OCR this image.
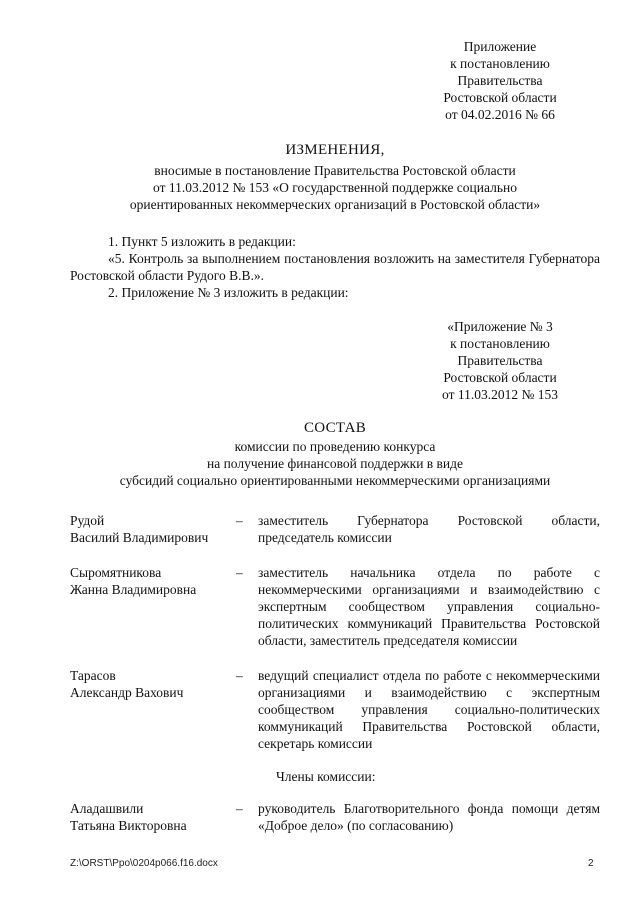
Приложение
к постановлению
Правительства
Ростовской области
от 04.02.2016 № 66
ИЗМЕНЕНИЯ,
вносимые в постановление Правительства Ростовской области
от 11.03.2012 № 153 «О государственной поддержке социально
ориентированных некоммерческих организаций в Ростовской области»
1. Пункт 5 изложить в редакции:
«5. Контроль за выполнением постановления возложить на заместителя Губернатора Ростовской области Рудого В.В.».
2. Приложение № 3 изложить в редакции:
«Приложение № 3
к постановлению
Правительства
Ростовской области
от 11.03.2012 № 153
СОСТАВ
комиссии по проведению конкурса
на получение финансовой поддержки в виде
субсидий социально ориентированными некоммерческими организациями
Рудой
Василий Владимирович
–	заместитель Губернатора Ростовской области, председатель комиссии
Сыромятникова
Жанна Владимировна
–	заместитель начальника отдела по работе с некоммерческими организациями и взаимодействию с экспертным сообществом управления социально-политических коммуникаций Правительства Ростовской области, заместитель председателя комиссии
Тарасов
Александр Вахович
–	ведущий специалист отдела по работе с некоммерческими организациями и взаимодействию с экспертным сообществом управления социально-политических коммуникаций Правительства Ростовской области, секретарь комиссии
Члены комиссии:
Аладашвили
Татьяна Викторовна
–	руководитель Благотворительного фонда помощи детям «Доброе дело» (по согласованию)
Z:\ORST\Ppo\0204p066.f16.docx	2
